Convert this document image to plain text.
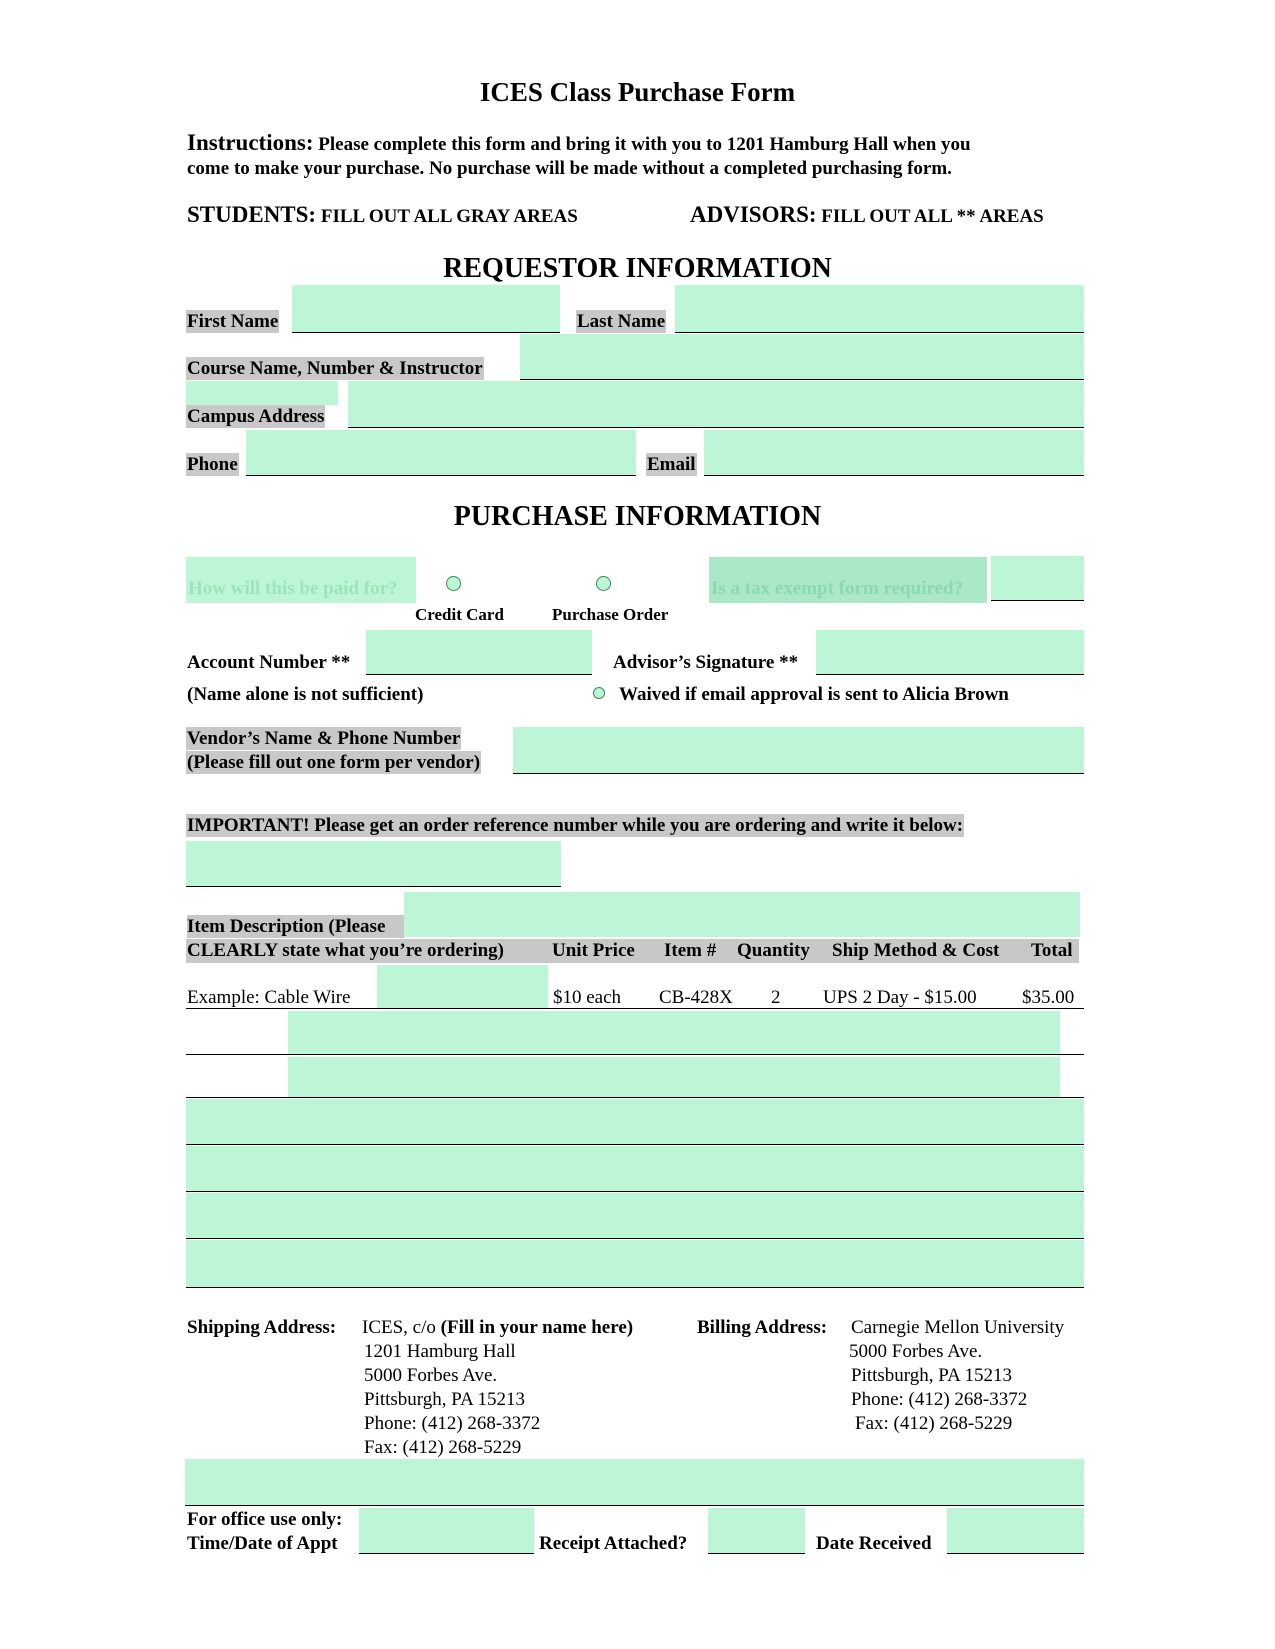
ICES Class Purchase Form
Instructions: Please complete this form and bring it with you to 1201 Hamburg Hall when you
come to make your purchase. No purchase will be made without a completed purchasing form.
STUDENTS: FILL OUT ALL GRAY AREAS	ADVISORS: FILL OUT ALL ** AREAS
REQUESTOR INFORMATION
First Name	Last Name
Course Name, Number & Instructor
Campus Address
Phone	Email
PURCHASE INFORMATION
How will this be paid for?
Credit Card	Purchase Order
Is a tax exempt form required?
Account Number **
(Name alone is not sufficient)
Advisor’s Signature **
Waived if email approval is sent to Alicia Brown
Vendor’s Name & Phone Number
(Please fill out one form per vendor)
IMPORTANT! Please get an order reference number while you are ordering and write it below:
Item Description (Please
CLEARLY state what you’re ordering)	Unit Price Item # Quantity Ship Method & Cost Total
Example: Cable Wire	$10 each CB-428X 2 UPS 2 Day - $15.00 $35.00
Shipping Address: ICES, c/o (Fill in your name here)
1201 Hamburg Hall
5000 Forbes Ave.
Pittsburgh, PA 15213
Phone: (412) 268-3372
Fax: (412) 268-5229
Billing Address: Carnegie Mellon University
5000 Forbes Ave.
Pittsburgh, PA 15213
Phone: (412) 268-3372
Fax: (412) 268-5229
For office use only:
Time/Date of Appt	Receipt Attached?	Date Received
